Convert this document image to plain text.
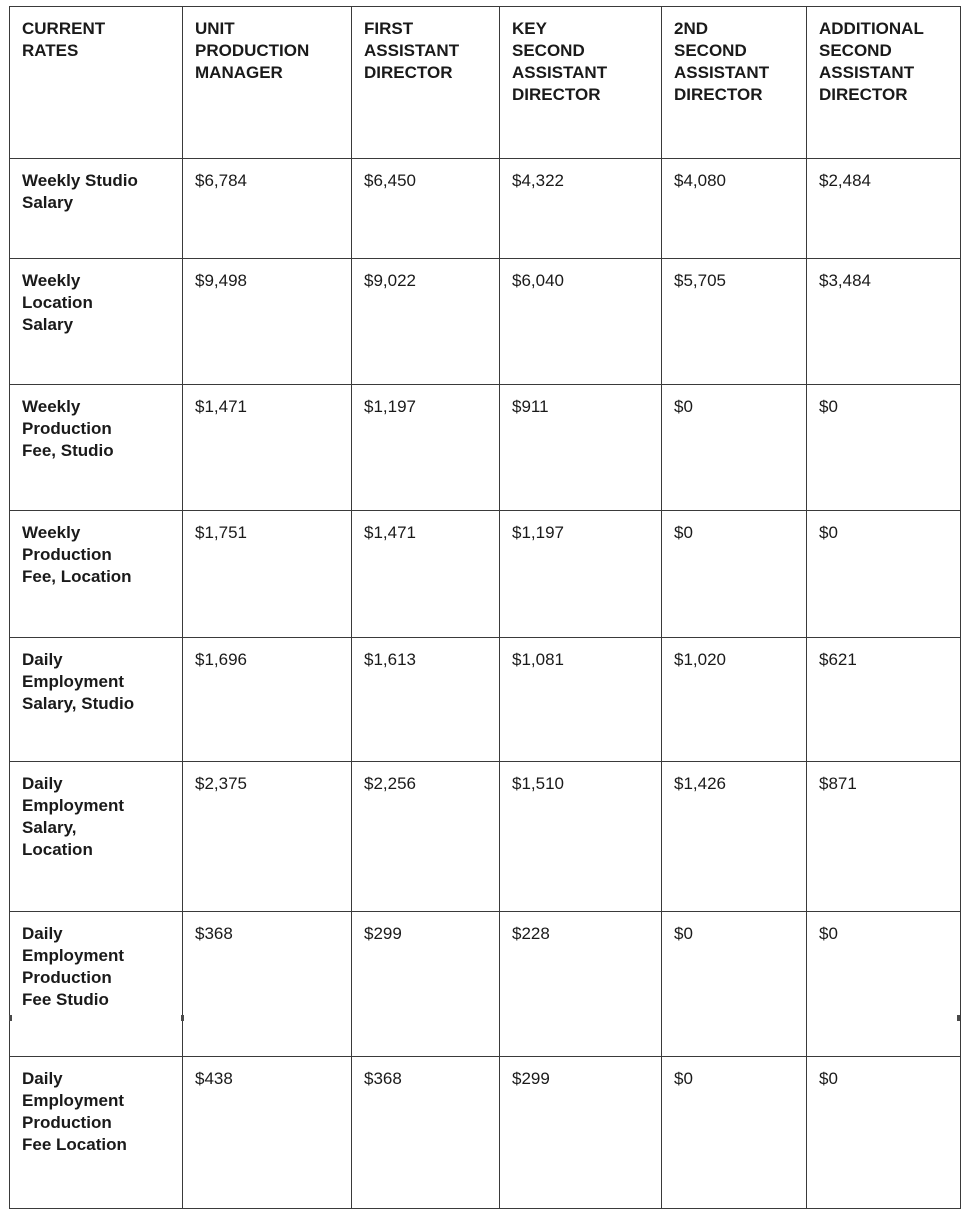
CURRENT
RATES	UNIT
PRODUCTION
MANAGER	FIRST
ASSISTANT
DIRECTOR	KEY
SECOND
ASSISTANT
DIRECTOR	2ND
SECOND
ASSISTANT
DIRECTOR	ADDITIONAL
SECOND
ASSISTANT
DIRECTOR

Weekly Studio
Salary	$6,784	$6,450	$4,322	$4,080	$2,484

Weekly
Location
Salary	$9,498	$9,022	$6,040	$5,705	$3,484

Weekly
Production
Fee, Studio	$1,471	$1,197	$911	$0	$0

Weekly
Production
Fee, Location	$1,751	$1,471	$1,197	$0	$0

Daily
Employment
Salary, Studio	$1,696	$1,613	$1,081	$1,020	$621

Daily
Employment
Salary,
Location	$2,375	$2,256	$1,510	$1,426	$871

Daily
Employment
Production
Fee Studio	$368	$299	$228	$0	$0

Daily
Employment
Production
Fee Location	$438	$368	$299	$0	$0
